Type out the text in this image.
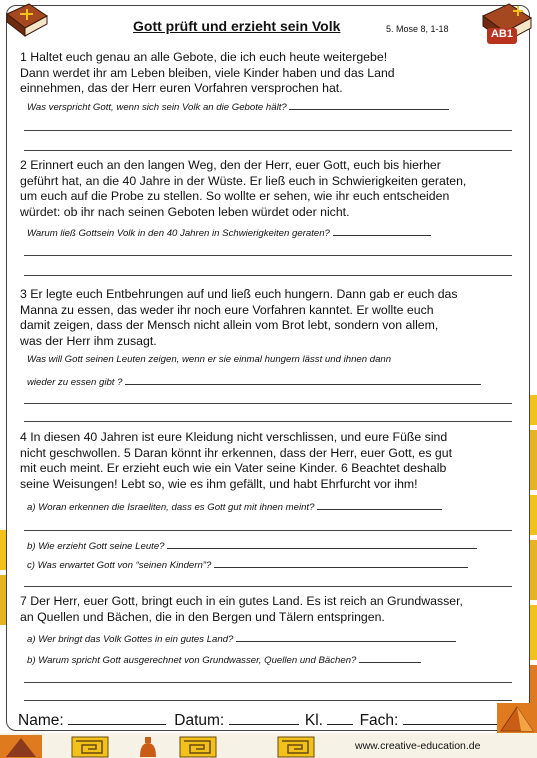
AB1
Gott prüft und erzieht sein Volk	5. Mose 8, 1-18
1 Haltet euch genau an alle Gebote, die ich euch heute weitergebe!
Dann werdet ihr am Leben bleiben, viele Kinder haben und das Land
einnehmen, das der Herr euren Vorfahren versprochen hat.
Was verspricht Gott, wenn sich sein Volk an die Gebote hält?
2 Erinnert euch an den langen Weg, den der Herr, euer Gott, euch bis hierher
geführt hat, an die 40 Jahre in der Wüste. Er ließ euch in Schwierigkeiten geraten,
um euch auf die Probe zu stellen. So wollte er sehen, wie ihr euch entscheiden
würdet: ob ihr nach seinen Geboten leben würdet oder nicht.
Warum ließ Gottsein Volk in den 40 Jahren in Schwierigkeiten geraten?
3 Er legte euch Entbehrungen auf und ließ euch hungern. Dann gab er euch das
Manna zu essen, das weder ihr noch eure Vorfahren kanntet. Er wollte euch
damit zeigen, dass der Mensch nicht allein vom Brot lebt, sondern von allem,
was der Herr ihm zusagt.
Was will Gott seinen Leuten zeigen, wenn er sie einmal hungern lässt und ihnen dann
wieder zu essen gibt ?
4 In diesen 40 Jahren ist eure Kleidung nicht verschlissen, und eure Füße sind
nicht geschwollen. 5 Daran könnt ihr erkennen, dass der Herr, euer Gott, es gut
mit euch meint. Er erzieht euch wie ein Vater seine Kinder. 6 Beachtet deshalb
seine Weisungen! Lebt so, wie es ihm gefällt, und habt Ehrfurcht vor ihm!
a) Woran erkennen die Israeliten, dass es Gott gut mit ihnen meint?
b) Wie erzieht Gott seine Leute?
c) Was erwartet Gott von “seinen Kindern”?
7 Der Herr, euer Gott, bringt euch in ein gutes Land. Es ist reich an Grundwasser,
an Quellen und Bächen, die in den Bergen und Tälern entspringen.
a) Wer bringt das Volk Gottes in ein gutes Land?
b) Warum spricht Gott ausgerechnet von Grundwasser, Quellen und Bächen?
Name:	Datum:	Kl. Fach:
www.creative-education.de
